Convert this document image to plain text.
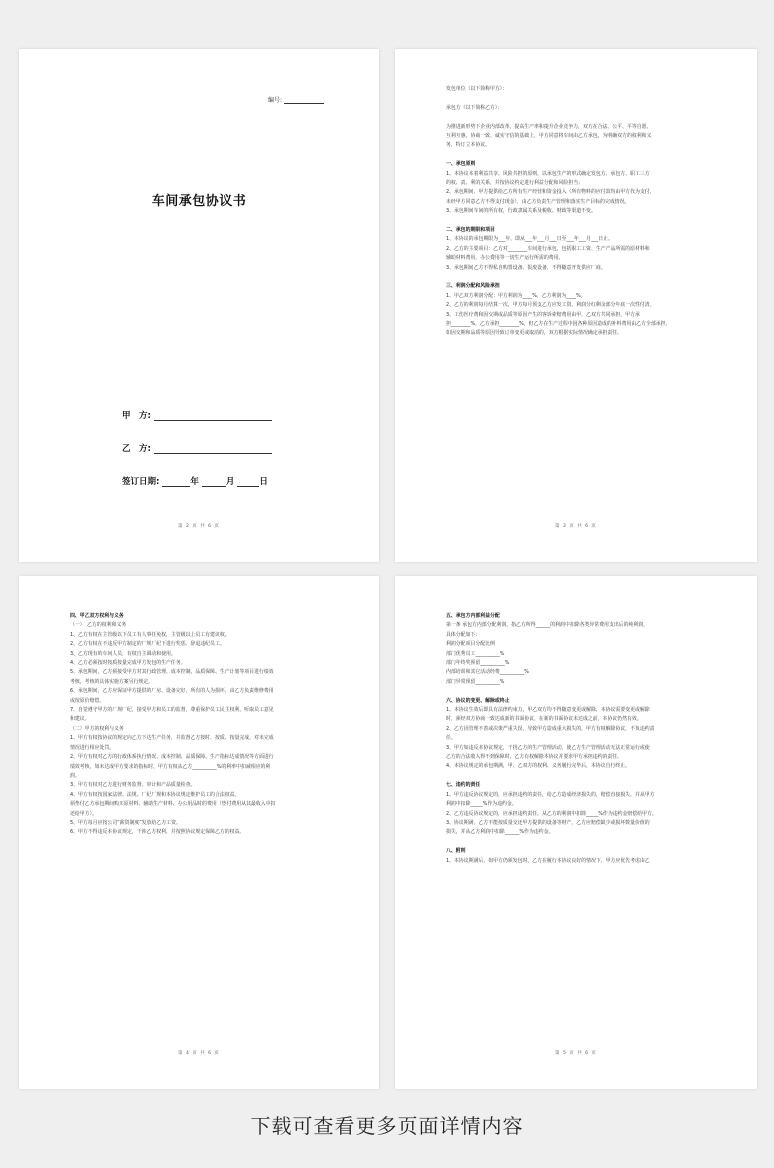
编号:
车间承包协议书
甲　方:
乙　方:
签订日期:	年	月	日
第 2 页 共 6 页
发包单位（以下简称甲方）：
承包方（以下简称乙方）：
为推进新形势下企业内部改革，提高生产率和提升企业竞争力，双方在合法、公平、平等自愿、
互利互惠、协商一致、诚实守信的基础上，甲方同意将车间由乙方承包，为明确双方的权利和义
务，特订立本协议。
一、承包原则
1、本协议本着利益共享、风险共担的原则，以承包生产的形式确定发包方、承包方、职工三方
的权、责、利的关系，并按协议约定进行利益分配和风险担当；
2、承包期间，甲方提供给乙方所有生产经营和资金投入（所有物料的应付款均由甲方代为支付，
未经甲方同意乙方不得支付现金），由乙方负责生产管理和落实生产目标的完成情况。
3、承包期间车间的所有权，行政隶属关系及税收、财政等渠道不变。
二、承包的期限和项目
1、本协议的承包期限为___年，即从___年___月___日至___年___月___日止。
2、乙方的主要项目：乙方对________车间进行承包，包括职工工资、生产产品所需的原材料和
辅助材料费用、办公费用等一切生产运行所需的费用。
3、承包期间乙方不得私自购置设备、报废设备，不得随意开发供应厂商。
三、利润分配和风险承担
1、甲乙双方利润分配：甲方利润为____%，乙方利润为____%。
2、乙方的利润每月结算一次，甲方每月预支乙方应发工资，利润分红剩余部分年底一次性付清。
3、工伤医疗费和因交期或品质等原因产生的客诉索赔费用由甲、乙双方共同承担，甲方承
担________%，乙方承担________%，但乙方在生产过程中因各种原因造成的补料费用由乙方全部承担，
如因交期和品质等原因导致订单变更或取消的，双方根据实际情况确定承担责任。
第 3 页 共 6 页
四、甲乙双方权利与义务
（一）　乙方的权利和义务
1、乙方有权在主管级以下员工有人事任免权，主管级以上员工有建议权。
2、乙方有权在不违反甲方制定的厂规厂纪下进行奖惩、辞退违纪员工。
3、乙方现有的车间人员，有权自主调动和使用。
4、乙方必须按时按质按量完成甲方发包的生产任务。
5、承包期间，乙方须接受甲方对其行政管理、成本控制、品质保障、生产计划等项目进行绩效
考核，考核的具体实施方案另行规定。
6、承包期间，乙方应保证甲方提供的厂房、设备完好，所有的人为损坏，由乙方负责维修费用
或按原价赔偿。
7、自觉遵守甲方的厂规厂纪，接受甲方和员工的监督，尊重保护员工民主权利，听取员工意见
和建议。
（二）甲方的权利与义务
1、甲方有权按协议的规定向乙方下达生产任务，并监督乙方按时、按质、按量完成，对未完成
情况进行相应处罚。
2、甲方有权对乙方的行政体系执行情况、成本控制、品质保障、生产指标达成情况等方面进行
绩效考核，如未达成甲方要求的指标时，甲方有权从乙方__________%的利率中扣减相应的利
润。
3、甲方有权对乙方进行财务监督、审计和产品质量检查。
4、甲方有权按国家法律、法规、厂纪厂规和本协议规定维护员工的合法权益。
须垫付乙方承包期间购买原材料、辅助生产材料、办公用品时的费用（垫付费用从其最收入中扣
还给甲方）。
5、甲方每月应按公司“薪资制度”发放给乙方工资。
6、甲方不得违反本协议规定，干涉乙方权利，并按照协议规定保障乙方的权益。
第 4 页 共 6 页
五、承包方内部利益分配
第一条 承包方内部分配利润，指乙方所得______的利润中扣除各类异常费用支出后的纯利润，
具体分配如下：
利润分配项目分配比例
部门优秀员工__________%
部门年终奖预留__________%
内部培训和其它活动经费__________%
部门异常预留__________%
六、协议的变更、解除或终止
1、本协议生效后即具有法律约束力，甲乙双方均不得随意变更或解除，本协议需要变更或解除
时，须经双方协商一致达成新的书面协议，在新的书面协议未达成之前，本协议仍然有效。
2、乙方因管理不善或决策严重失误，导致甲方造成重大损失的，甲方有权解除协议，不负违约责
任。
3、甲方如违反本协议规定，干扰乙方的生产管理活动，使乙方生产管理活动无法正常运行或使
乙方的合法收入得不到保障时，乙方有权解除本协议并要求甲方承担违约的责任。
4、本协议规定的承包期满，甲、乙双方的权利、义务履行完毕后，本协议自行终止。
七、违约的责任
1、甲方违反协议规定的，应承担违约的责任，给乙方造成经济损失的，赔偿直接损失，并从甲方
利润中扣除_____%作为违约金。
2、乙方违反协议规定的，应承担违约责任，从乙方的利润中扣除_____%作为违约金赔偿给甲方。
3、协议期满，乙方不能按质量交还甲方提供的设备等财产，乙方应赔偿缺少或损坏数量价值的
损失，并从乙方利润中扣除______%作为违约金。
八、附则
1、本协议期满后，如甲方仍须发包时，乙方在履行本协议良好的情况下，甲方应优先考虑由乙
第 5 页 共 6 页
下载可查看更多页面详情内容
